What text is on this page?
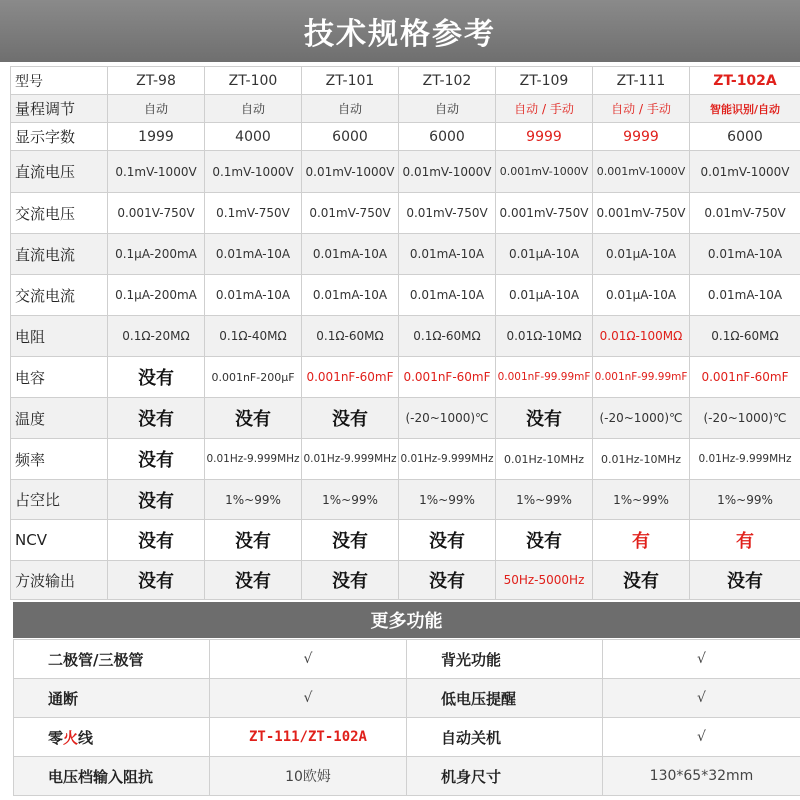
技术规格参考
型号	ZT-98	ZT-100	ZT-101	ZT-102	ZT-109	ZT-111	ZT-102A
量程调节	自动	自动	自动	自动	自动 / 手动	自动 / 手动	智能识别/自动
显示字数	1999	4000	6000	6000	9999	9999	6000
直流电压	0.1mV-1000V	0.1mV-1000V	0.01mV-1000V	0.01mV-1000V	0.001mV-1000V	0.001mV-1000V	0.01mV-1000V
交流电压	0.001V-750V	0.1mV-750V	0.01mV-750V	0.01mV-750V	0.001mV-750V	0.001mV-750V	0.01mV-750V
直流电流	0.1μA-200mA	0.01mA-10A	0.01mA-10A	0.01mA-10A	0.01μA-10A	0.01μA-10A	0.01mA-10A
交流电流	0.1μA-200mA	0.01mA-10A	0.01mA-10A	0.01mA-10A	0.01μA-10A	0.01μA-10A	0.01mA-10A
电阻	0.1Ω-20MΩ	0.1Ω-40MΩ	0.1Ω-60MΩ	0.1Ω-60MΩ	0.01Ω-10MΩ	0.01Ω-100MΩ	0.1Ω-60MΩ
电容	没有	0.001nF-200μF	0.001nF-60mF	0.001nF-60mF	0.001nF-99.99mF	0.001nF-99.99mF	0.001nF-60mF
温度	没有	没有	没有	(-20~1000)℃	没有	(-20~1000)℃	(-20~1000)℃
频率	没有	0.01Hz-9.999MHz	0.01Hz-9.999MHz	0.01Hz-9.999MHz	0.01Hz-10MHz	0.01Hz-10MHz	0.01Hz-9.999MHz
占空比	没有	1%~99%	1%~99%	1%~99%	1%~99%	1%~99%	1%~99%
NCV	没有	没有	没有	没有	没有	有	有
方波输出	没有	没有	没有	没有	50Hz-5000Hz	没有	没有
更多功能
二极管/三极管	√	背光功能	√
通断	√	低电压提醒	√
零火线	ZT-111/ZT-102A	自动关机	√
电压档输入阻抗	10欧姆	机身尺寸	130*65*32mm
